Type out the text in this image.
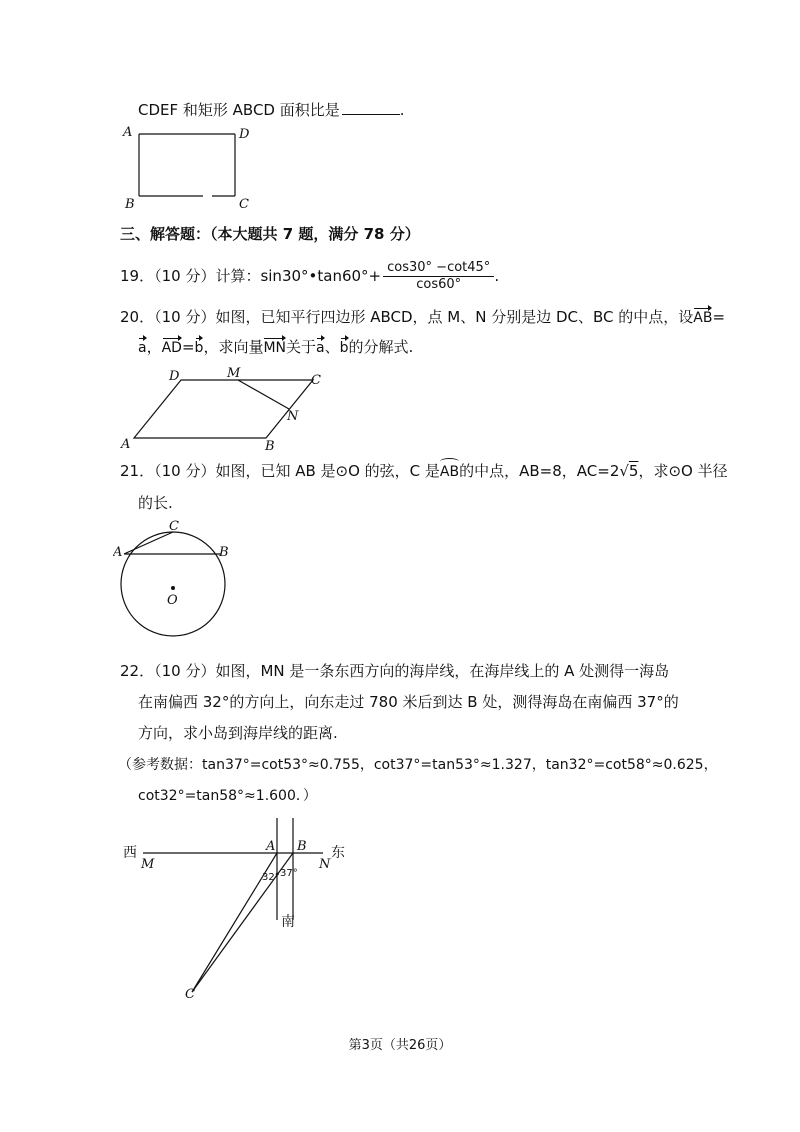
CDEF 和矩形 ABCD 面积比是	.
A	D
B	C
三、解答题：（本大题共 7 题，满分 78 分）
19．（10 分）计算：sin30°•tan60°+ $\frac{\cos 30^\circ -\cot 45^\circ}{\cos 60^\circ}$ .
20．（10 分）如图，已知平行四边形 ABCD，点 M、N 分别是边 DC、BC 的中点，设AB=
a，AD=b，求向量MN关于a、b的分解式.
A	B
C
D	M
N
21．（10 分）如图，已知 AB 是⊙O 的弦，C 是AB的中点，AB=8，AC=2√5，求⊙O 半径
的长.
A	B
C
O
22．（10 分）如图，MN 是一条东西方向的海岸线，在海岸线上的 A 处测得一海岛
在南偏西 32°的方向上，向东走过 780 米后到达 B 处，测得海岛在南偏西 37°的
方向，求小岛到海岸线的距离.
（参考数据：tan37°=cot53°≈0.755，cot37°=tan53°≈1.327，tan32°=cot58°≈0.625，
cot32°=tan58°≈1.600．）
西	东
南
M	N
A B
C
32° 37°
第3页（共26页）
